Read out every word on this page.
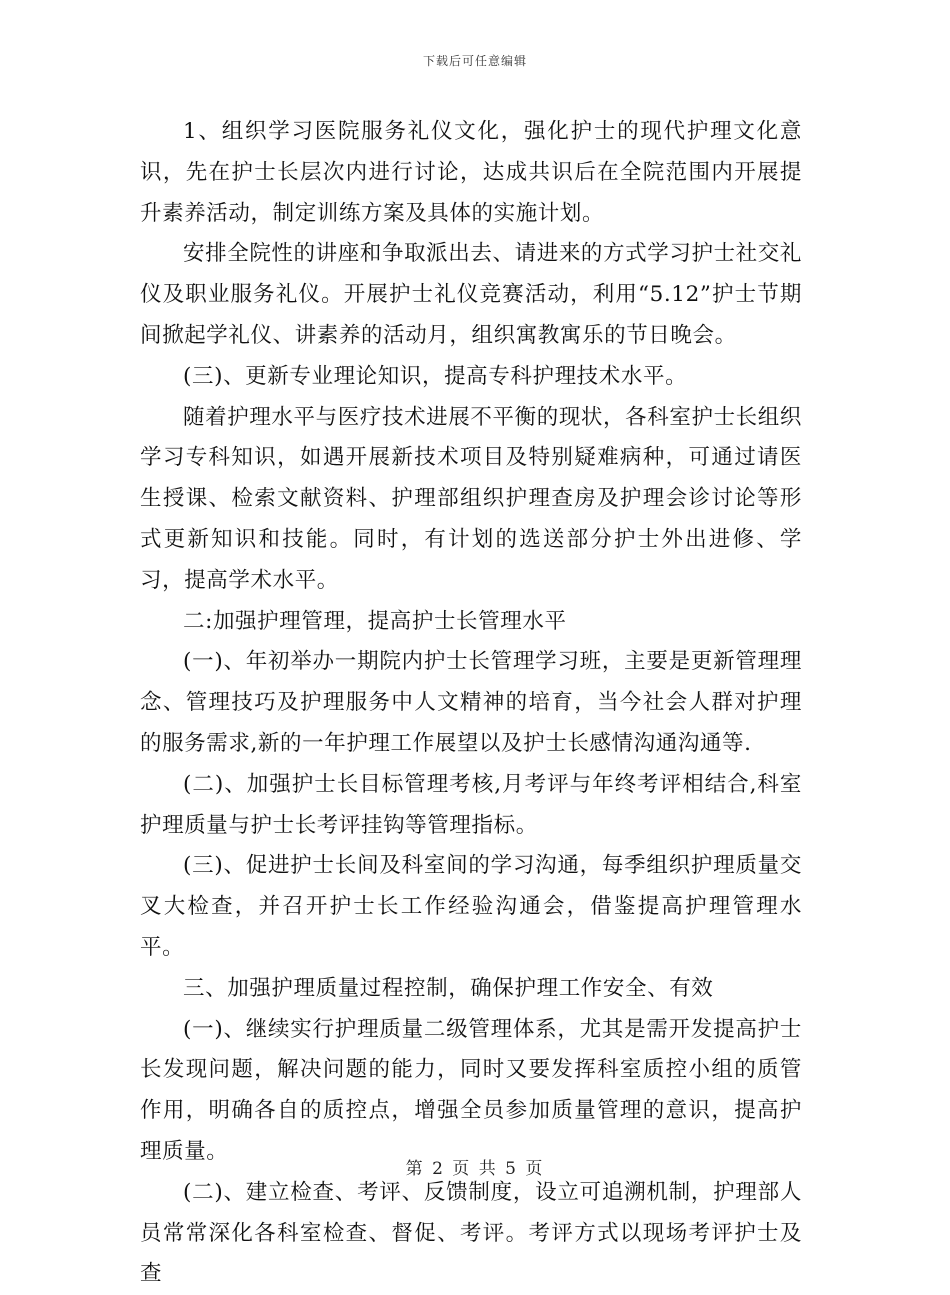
下载后可任意编辑

1、组织学习医院服务礼仪文化，强化护士的现代护理文化意识，先在护士长层次内进行讨论，达成共识后在全院范围内开展提升素养活动，制定训练方案及具体的实施计划。

安排全院性的讲座和争取派出去、请进来的方式学习护士社交礼仪及职业服务礼仪。开展护士礼仪竞赛活动，利用“5.12”护士节期间掀起学礼仪、讲素养的活动月，组织寓教寓乐的节日晚会。

(三)、更新专业理论知识，提高专科护理技术水平。

随着护理水平与医疗技术进展不平衡的现状，各科室护士长组织学习专科知识，如遇开展新技术项目及特别疑难病种，可通过请医生授课、检索文献资料、护理部组织护理查房及护理会诊讨论等形式更新知识和技能。同时，有计划的选送部分护士外出进修、学习，提高学术水平。

二:加强护理管理，提高护士长管理水平

(一)、年初举办一期院内护士长管理学习班，主要是更新管理理念、管理技巧及护理服务中人文精神的培育，当今社会人群对护理的服务需求,新的一年护理工作展望以及护士长感情沟通沟通等.

(二)、加强护士长目标管理考核,月考评与年终考评相结合,科室护理质量与护士长考评挂钩等管理指标。

(三)、促进护士长间及科室间的学习沟通，每季组织护理质量交叉大检查，并召开护士长工作经验沟通会，借鉴提高护理管理水平。

三、加强护理质量过程控制，确保护理工作安全、有效

(一)、继续实行护理质量二级管理体系，尤其是需开发提高护士长发现问题，解决问题的能力，同时又要发挥科室质控小组的质管作用，明确各自的质控点，增强全员参加质量管理的意识，提高护理质量。

(二)、建立检查、考评、反馈制度，设立可追溯机制，护理部人员常常深化各科室检查、督促、考评。考评方式以现场考评护士及查

第 2 页 共 5 页
